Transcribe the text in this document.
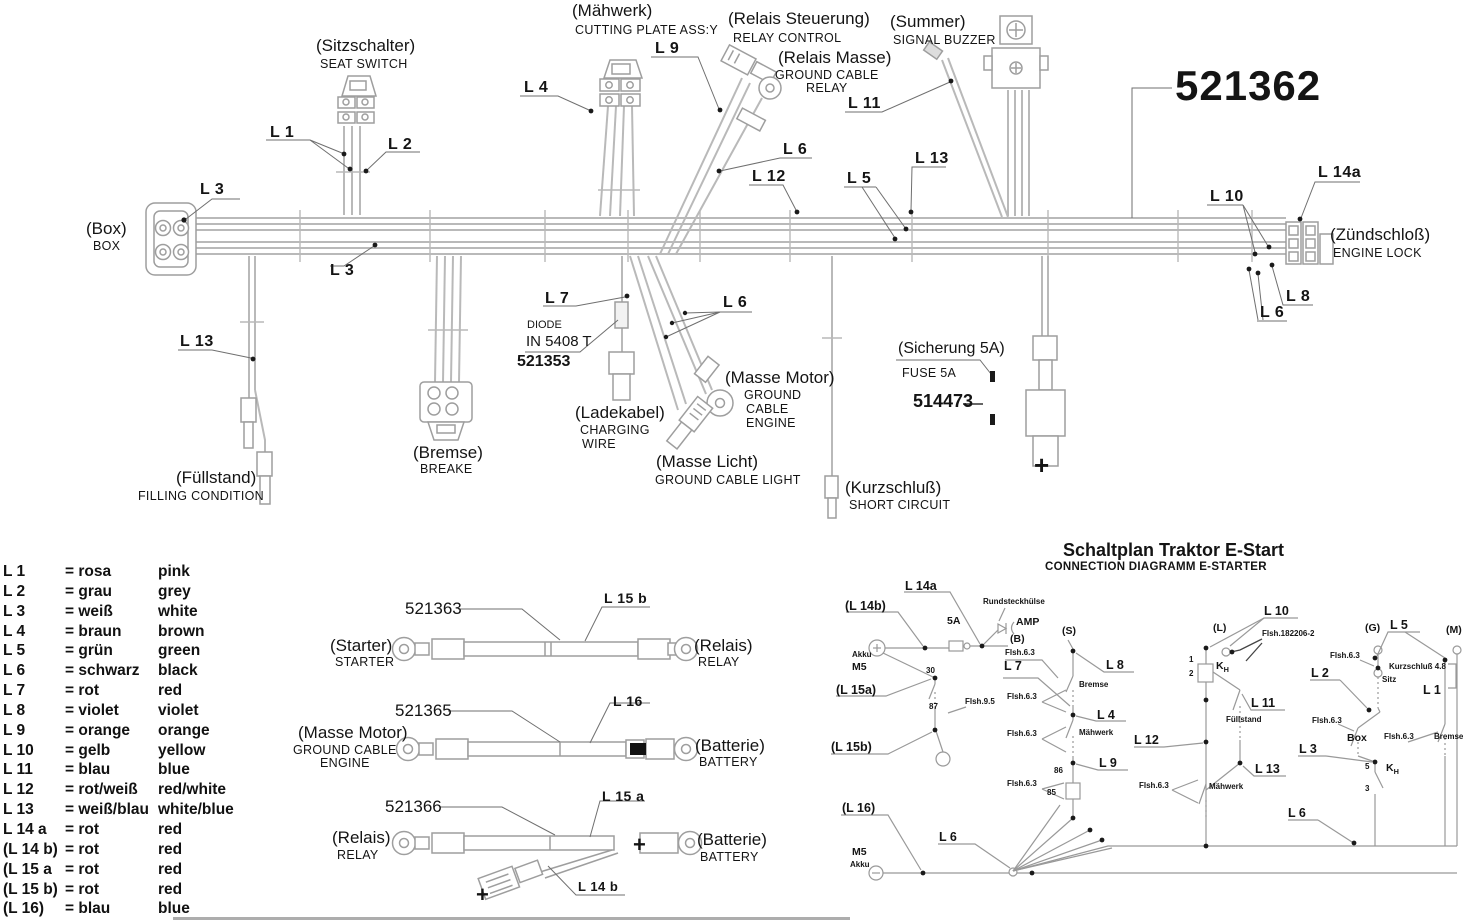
(Sitzschalter)
SEAT SWITCH
(Mähwerk)
CUTTING PLATE ASS:Y
(Relais Steuerung)
RELAY CONTROL
(Relais Masse)
GROUND CABLE
RELAY
(Summer)
SIGNAL BUZZER
(Box)
BOX
(Zündschloß)
ENGINE LOCK
(Füllstand)
FILLING CONDITION
(Bremse)
BREAKE
(Ladekabel)
CHARGING
WIRE
(Masse Motor)
GROUND
CABLE
ENGINE
(Masse Licht)
GROUND CABLE LIGHT	(Kurzschluß)
SHORT CIRCUIT
(Sicherung 5A)
FUSE 5A
514473
DIODE
IN 5408 T
521353
521362
+
L 1
L 2
L 3
L 3
L 4
L 9
L 11
L 6
L 12	L 5
L 13
L 10
L 14a
L 8
L 6
L 13
L 7	L 6
521363
L 15 b
(Starter)
STARTER
(Relais)
RELAY
521365	L 16
(Masse Motor)
GROUND CABLE
ENGINE
(Batterie)
BATTERY
521366
L 15 a
(Relais)
RELAY
(Batterie)
BATTERY
L 14 b
+
+
L 1	= rosa	pink
L 2	= grau	grey
L 3	= weiß	white
L 4	= braun	brown
L 5	= grün	green
L 6	= schwarz	black
L 7	= rot	red
L 8	= violet	violet
L 9	= orange	orange
L 10	= gelb	yellow
L 11	= blau	blue
L 12	= rot/weiß	red/white
L 13	= weiß/blau white/blue
L 14 a	= rot	red
(L 14 b) = rot	red
(L 15 a = rot	red
(L 15 b) = rot	red
(L 16)	= blau	blue
Schaltplan Traktor E-Start
CONNECTION DIAGRAMM E-STARTER
(L 14b)
L 14a
5A
Rundsteckhülse
AMP
(B)
Flsh.6.3
(S)
L 7	L 8
Bremse
Akku
M5
(L 15a)
30
87
Flsh.9.5
(L 15b)
Flsh.6.3
L 4
Flsh.6.3	Mähwerk
L 9
86
Flsh.6.3
85
(L 16)
L 6
M5
Akku
L 10
(L)	Flsh.182206-2
1
2
$K_H$
L 11
Füllstand
L 12
Flsh.6.3	Mähwerk
L 13
(G) L 5	(M)
Flsh.6.3
L 2	Kurzschluß 4.8
Sitz
L 1
Flsh.6.3
Box Flsh.6.3	Bremse
L 3
5 $K_H$
3
L 6
